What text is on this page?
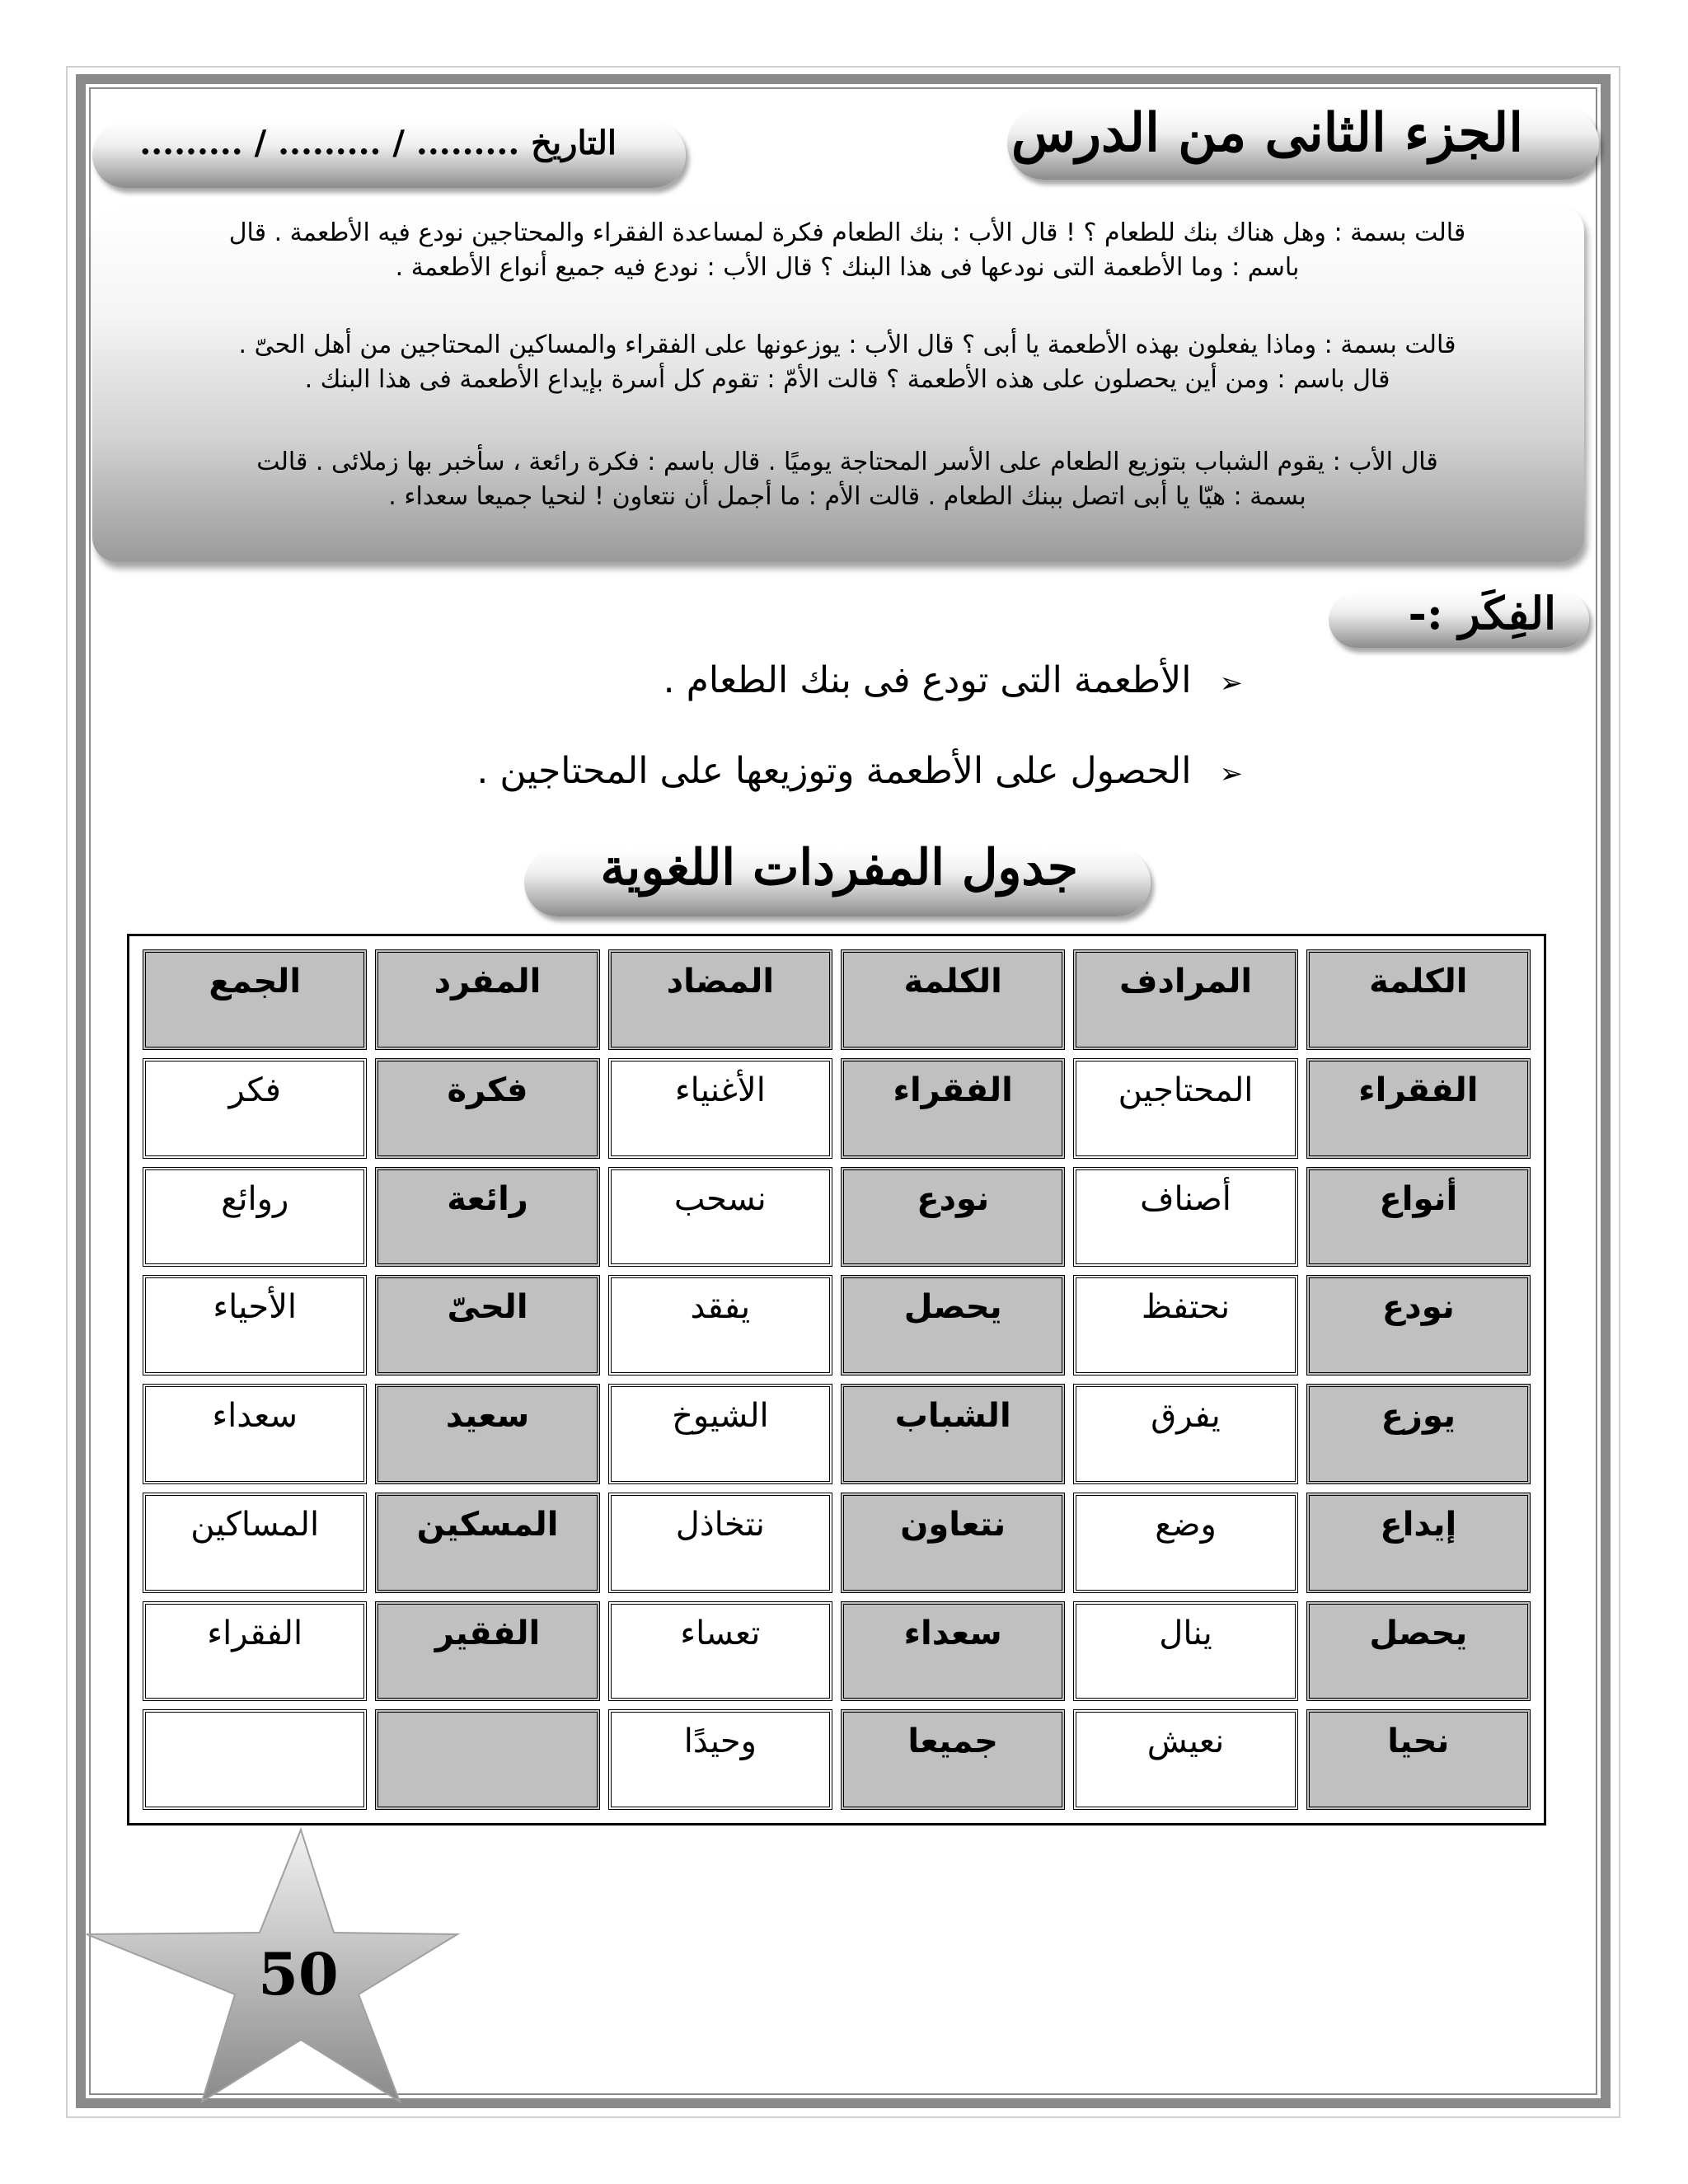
الجزء الثانى من الدرس
التاريخ ......... / ......... / .........
قالت بسمة : وهل هناك بنك للطعام ؟ ! قال الأب : بنك الطعام فكرة لمساعدة الفقراء والمحتاجين نودع فيه الأطعمة . قال
باسم : وما الأطعمة التى نودعها فى هذا البنك ؟ قال الأب : نودع فيه جميع أنواع الأطعمة .
قالت بسمة : وماذا يفعلون بهذه الأطعمة يا أبى ؟ قال الأب : يوزعونها على الفقراء والمساكين المحتاجين من أهل الحىّ .
قال باسم : ومن أين يحصلون على هذه الأطعمة ؟ قالت الأمّ : تقوم كل أسرة بإيداع الأطعمة فى هذا البنك .
قال الأب : يقوم الشباب بتوزيع الطعام على الأسر المحتاجة يوميًا . قال باسم : فكرة رائعة ، سأخبر بها زملائى . قالت
بسمة : هيّا يا أبى اتصل ببنك الطعام . قالت الأم : ما أجمل أن نتعاون ! لنحيا جميعا سعداء .
الفِكَر :-
➢الأطعمة التى تودع فى بنك الطعام .
➢الحصول على الأطعمة وتوزيعها على المحتاجين .
جدول المفردات اللغوية
الكلمة	المرادف	الكلمة	المضاد	المفرد	الجمع
الفقراء	المحتاجين	الفقراء	الأغنياء	فكرة	فكر
أنواع	أصناف	نودع	نسحب	رائعة	روائع
نودع	نحتفظ	يحصل	يفقد	الحىّ	الأحياء
يوزع	يفرق	الشباب	الشيوخ	سعيد	سعداء
إيداع	وضع	نتعاون	نتخاذل	المسكين	المساكين
يحصل	ينال	سعداء	تعساء	الفقير	الفقراء
نحيا	نعيش	جميعا	وحيدًا		
50
